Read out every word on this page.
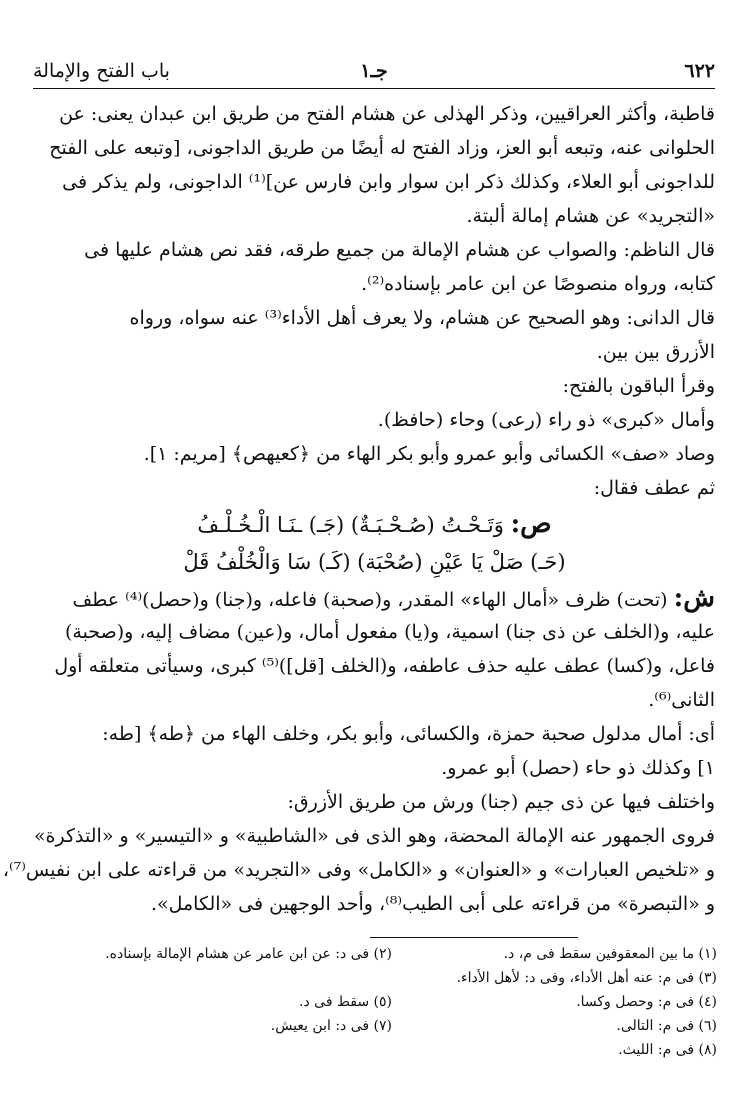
٦٢٢
جـ١
باب الفتح والإمالة
قاطبة، وأكثر العراقيين، وذكر الهذلى عن هشام الفتح من طريق ابن عبدان يعنى: عن
الحلوانى عنه، وتبعه أبو العز، وزاد الفتح له أيضًا من طريق الداجونى، [وتبعه على الفتح
للداجونى أبو العلاء، وكذلك ذكر ابن سوار وابن فارس عن]⁽¹⁾ الداجونى، ولم يذكر فى
«التجريد» عن هشام إمالة ألبتة.
قال الناظم: والصواب عن هشام الإمالة من جميع طرقه، فقد نص هشام عليها فى
كتابه، ورواه منصوصًا عن ابن عامر بإسناده⁽²⁾.
قال الدانى: وهو الصحيح عن هشام، ولا يعرف أهل الأداء⁽³⁾ عنه سواه، ورواه
الأزرق بين بين.
وقرأ الباقون بالفتح:
وأمال «كبرى» ذو راء (رعى) وحاء (حافظ).
وصاد «صف» الكسائى وأبو عمرو وأبو بكر الهاء من ﴿كعيهص﴾ [مريم: ١].
ثم عطف فقال:
ص: وَتَـحْـتُ (صُـحْـبَـةٌ) (جَـ) ـنَـا الْـخُـلْـفُ
(حَـ) صَلْ يَا عَيْنِ (صُحْبَة) (كَـ) سَا وَالْخُلْفُ قَلْ
ش: (تحت) ظرف «أمال الهاء» المقدر، و(صحبة) فاعله، و(جنا) و(حصل)⁽⁴⁾ عطف
عليه، و(الخلف عن ذى جنا) اسمية، و(يا) مفعول أمال، و(عين) مضاف إليه، و(صحبة)
فاعل، و(كسا) عطف عليه حذف عاطفه، و(الخلف [قل])⁽⁵⁾ كبرى، وسيأتى متعلقه أول
الثانى⁽⁶⁾.
أى: أمال مدلول صحبة حمزة، والكسائى، وأبو بكر، وخلف الهاء من ﴿طه﴾ [طه:
١] وكذلك ذو حاء (حصل) أبو عمرو.
واختلف فيها عن ذى جيم (جنا) ورش من طريق الأزرق:
فروى الجمهور عنه الإمالة المحضة، وهو الذى فى «الشاطبية» و «التيسير» و «التذكرة»
و «تلخيص العبارات» و «العنوان» و «الكامل» وفى «التجريد» من قراءته على ابن نفيس⁽⁷⁾،
و «التبصرة» من قراءته على أبى الطيب⁽⁸⁾، وأحد الوجهين فى «الكامل».
(١) ما بين المعقوفين سقط فى م، د.
(٢) فى د: عن ابن عامر عن هشام الإمالة بإسناده.
(٣) فى م: عنه أهل الأداء، وفى د: لأهل الأداء.
(٤) فى م: وحصل وكسا.
(٥) سقط فى د.
(٦) فى م: التالى.
(٧) فى د: ابن يعيش.
(٨) فى م: الليث.
